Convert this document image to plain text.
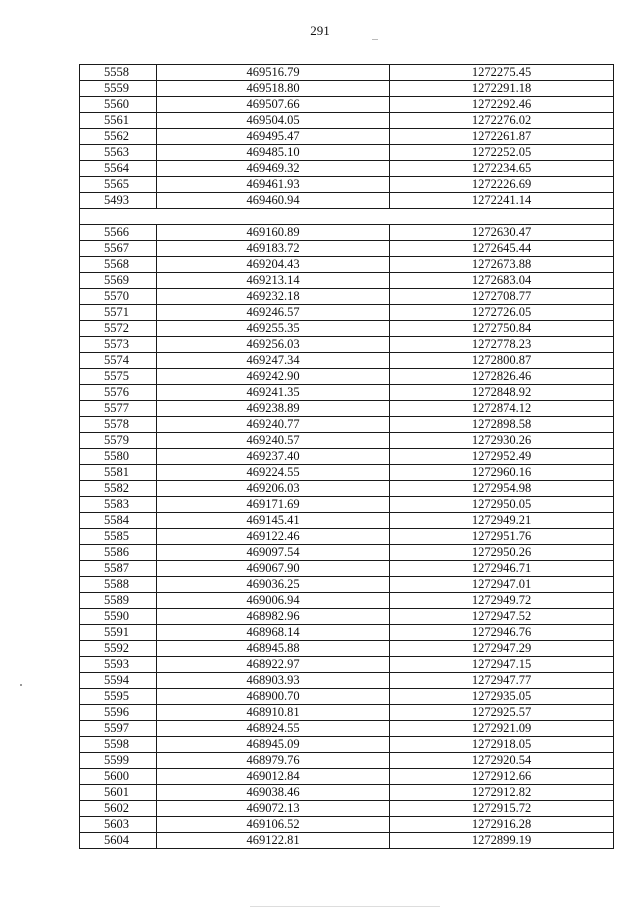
291
5558	469516.79	1272275.45
5559	469518.80	1272291.18
5560	469507.66	1272292.46
5561	469504.05	1272276.02
5562	469495.47	1272261.87
5563	469485.10	1272252.05
5564	469469.32	1272234.65
5565	469461.93	1272226.69
5493	469460.94	1272241.14

5566	469160.89	1272630.47
5567	469183.72	1272645.44
5568	469204.43	1272673.88
5569	469213.14	1272683.04
5570	469232.18	1272708.77
5571	469246.57	1272726.05
5572	469255.35	1272750.84
5573	469256.03	1272778.23
5574	469247.34	1272800.87
5575	469242.90	1272826.46
5576	469241.35	1272848.92
5577	469238.89	1272874.12
5578	469240.77	1272898.58
5579	469240.57	1272930.26
5580	469237.40	1272952.49
5581	469224.55	1272960.16
5582	469206.03	1272954.98
5583	469171.69	1272950.05
5584	469145.41	1272949.21
5585	469122.46	1272951.76
5586	469097.54	1272950.26
5587	469067.90	1272946.71
5588	469036.25	1272947.01
5589	469006.94	1272949.72
5590	468982.96	1272947.52
5591	468968.14	1272946.76
5592	468945.88	1272947.29
5593	468922.97	1272947.15
5594	468903.93	1272947.77
5595	468900.70	1272935.05
5596	468910.81	1272925.57
5597	468924.55	1272921.09
5598	468945.09	1272918.05
5599	468979.76	1272920.54
5600	469012.84	1272912.66
5601	469038.46	1272912.82
5602	469072.13	1272915.72
5603	469106.52	1272916.28
5604	469122.81	1272899.19
